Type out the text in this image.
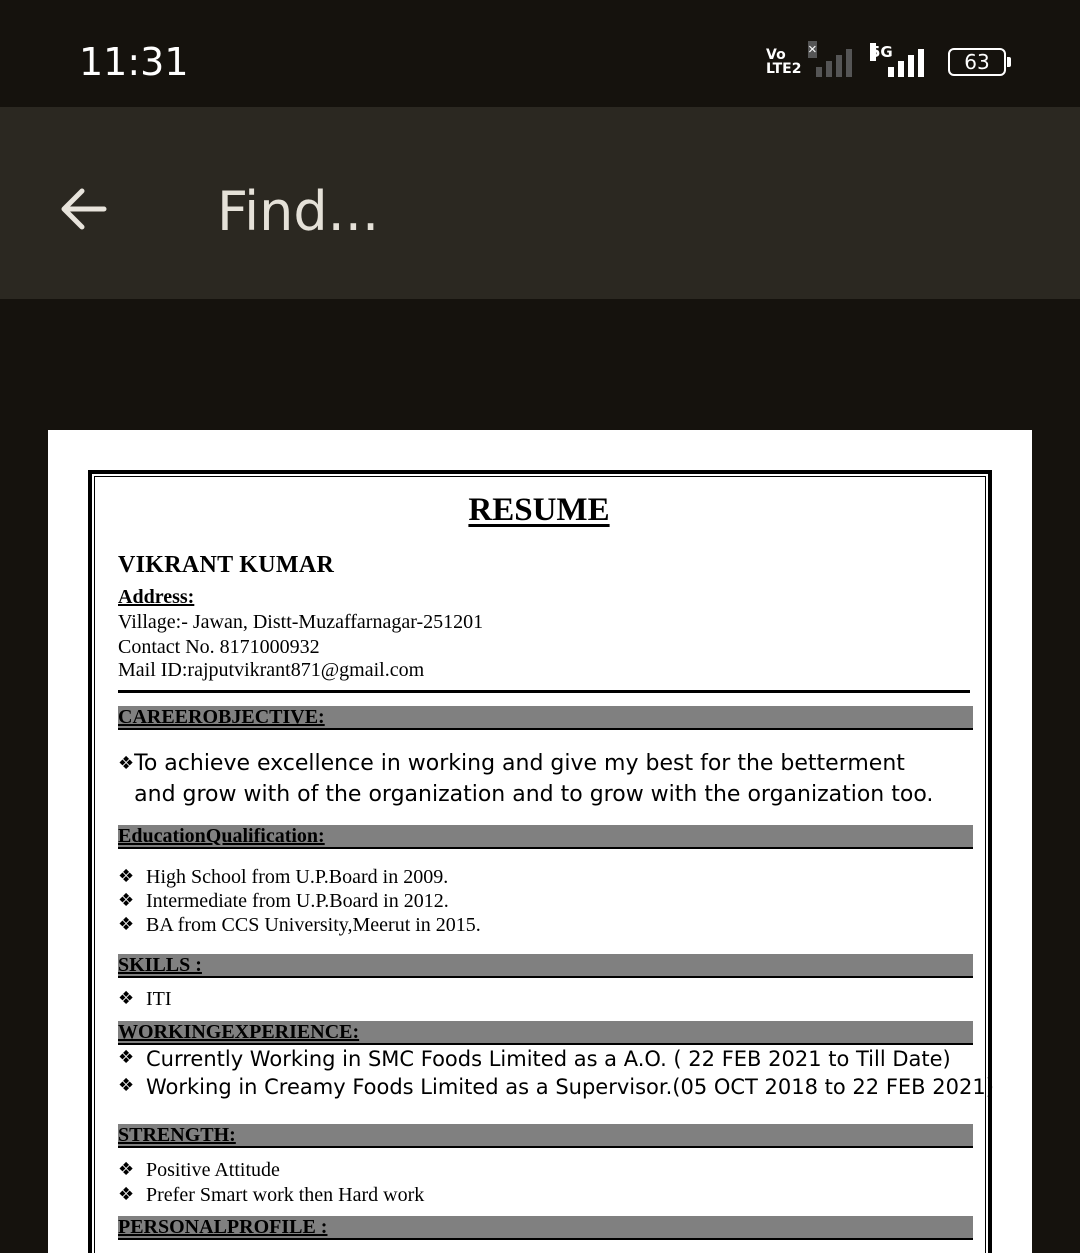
11:31	Vo
LTE2
×	5G	63
Find...
RESUME
VIKRANT KUMAR
Address:
Village:- Jawan, Distt-Muzaffarnagar-251201
Contact No. 8171000932
Mail ID:rajputvikrant871@gmail.com
CAREEROBJECTIVE:
❖ To achieve excellence in working and give my best for the betterment and grow with of the organization and to grow with the organization too.
EducationQualification:
❖ High School from U.P.Board in 2009.
❖ Intermediate from U.P.Board in 2012.
❖ BA from CCS University,Meerut in 2015.
SKILLS :
❖ ITI
WORKINGEXPERIENCE:
❖ Currently Working in SMC Foods Limited as a A.O. ( 22 FEB 2021 to Till Date)
❖ Working in Creamy Foods Limited as a Supervisor.(05 OCT 2018 to 22 FEB 2021)
STRENGTH:
❖ Positive Attitude
❖ Prefer Smart work then Hard work
PERSONALPROFILE :
